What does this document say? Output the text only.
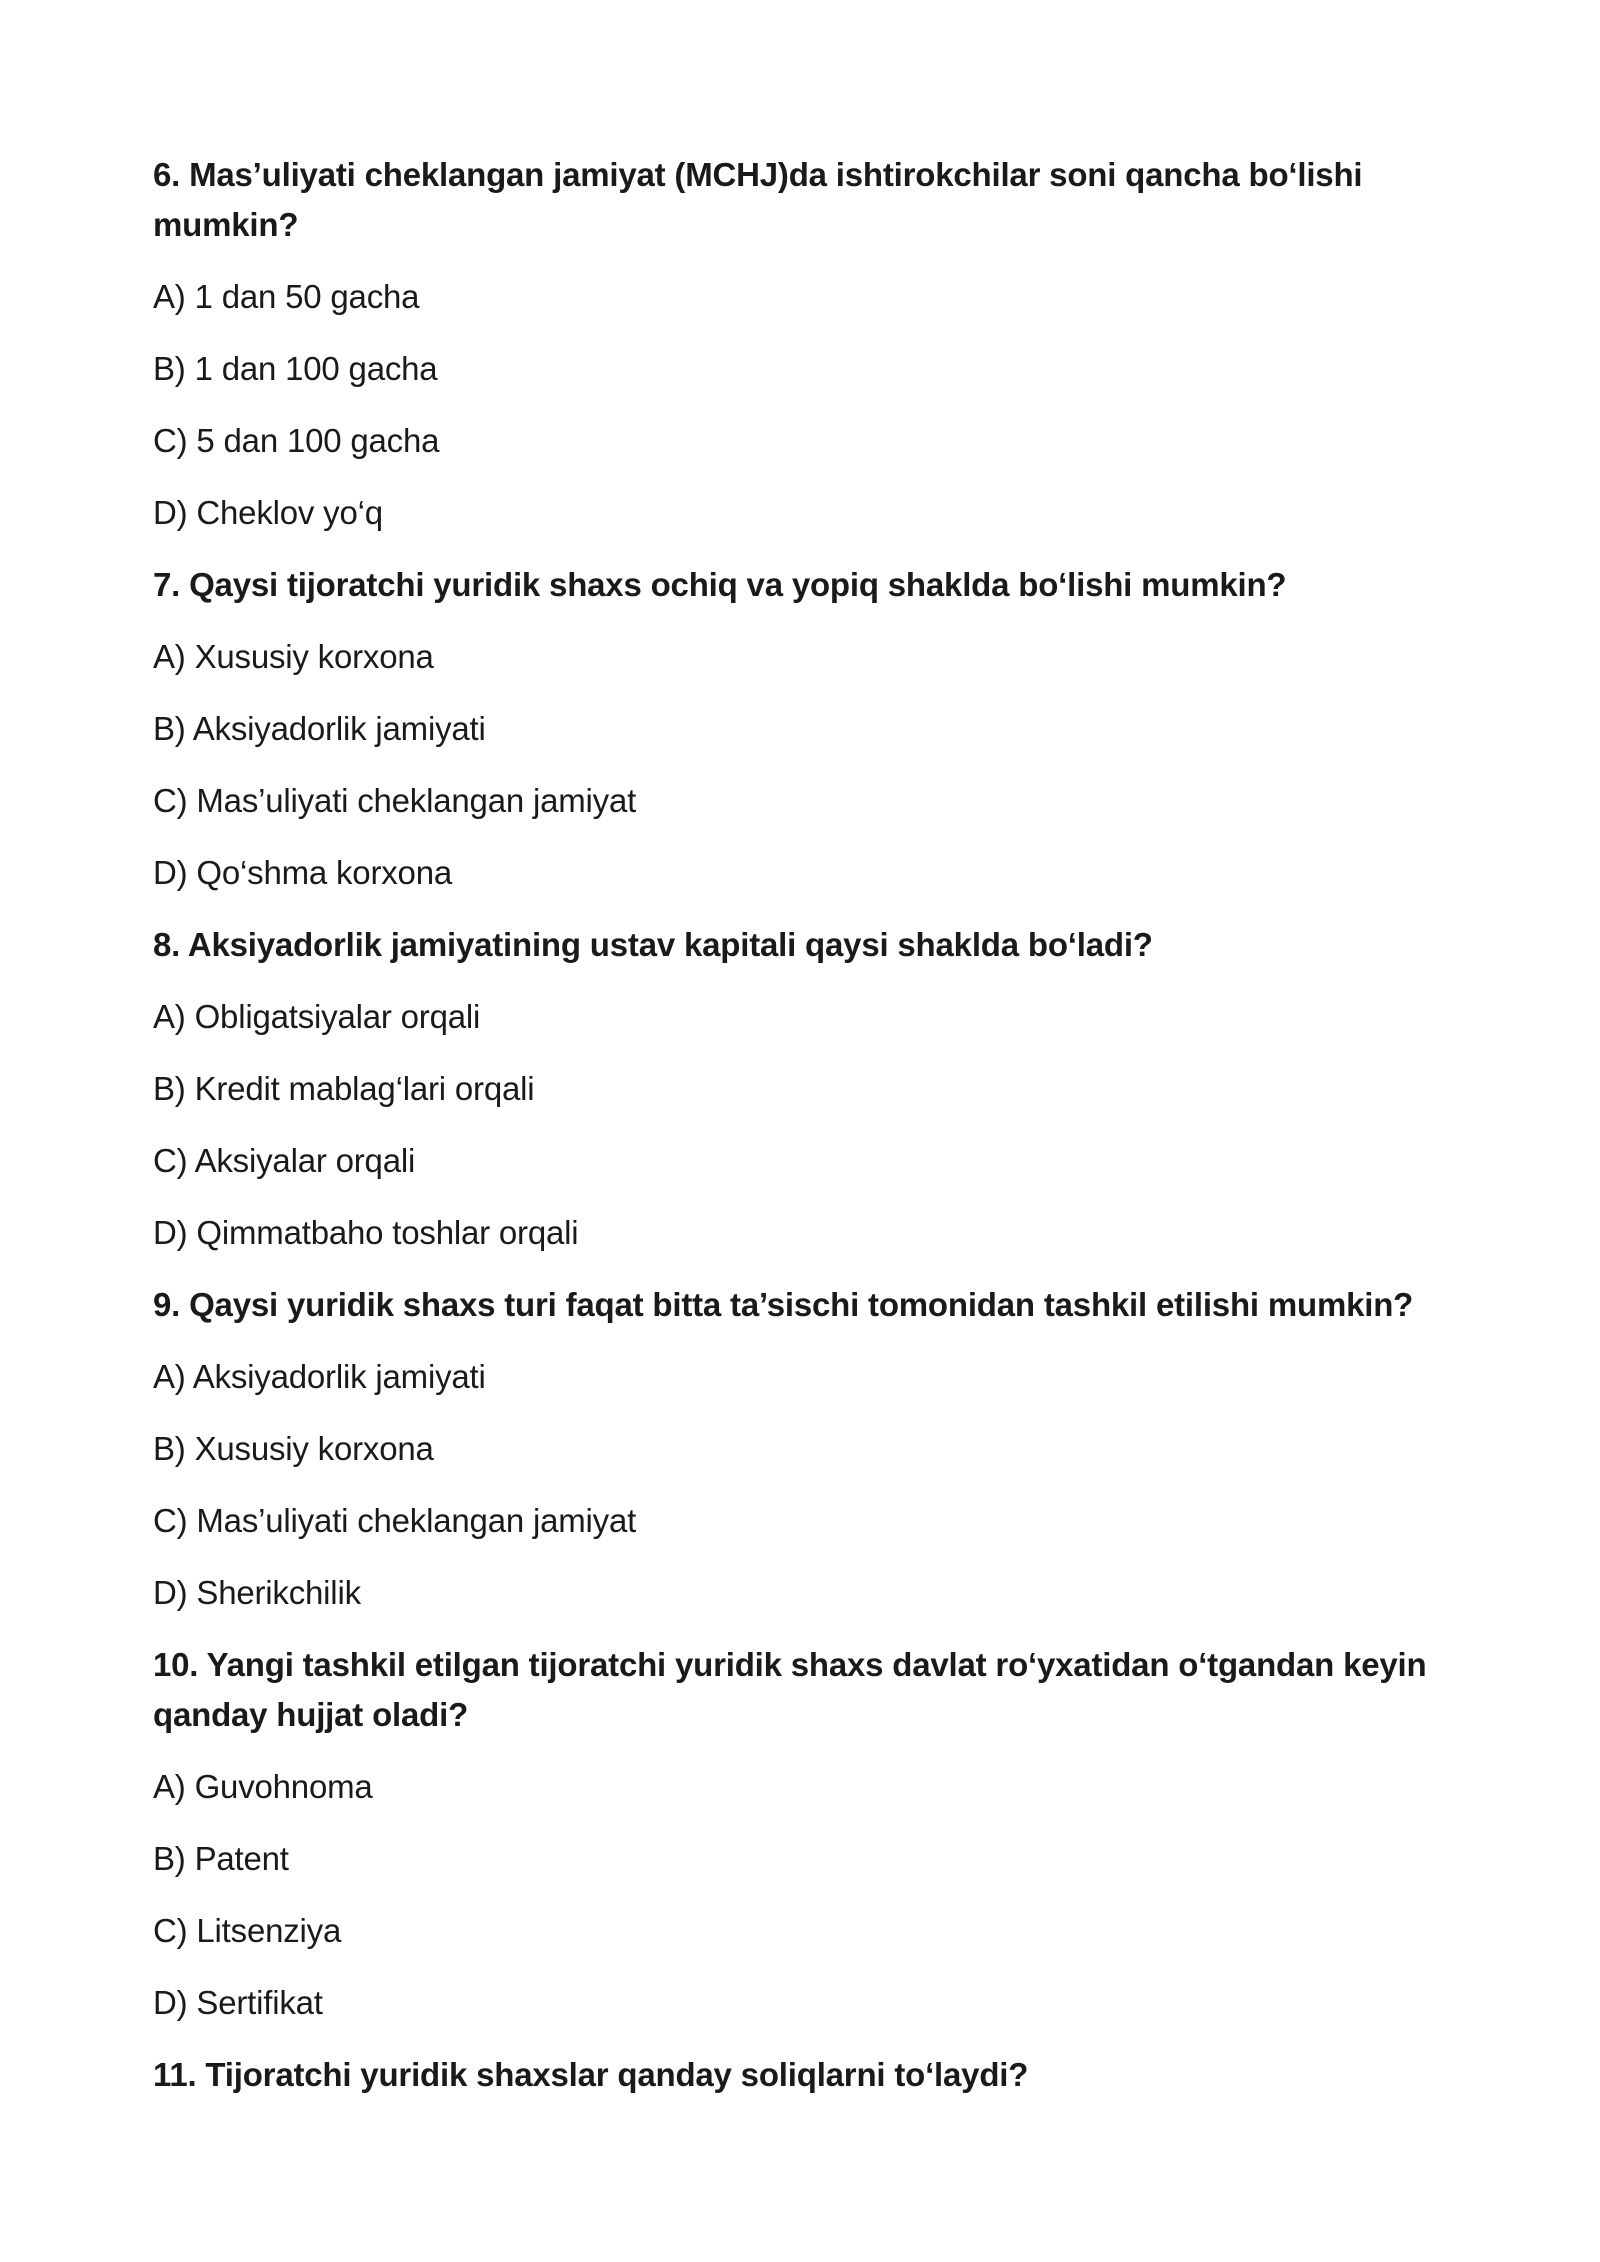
6. Mas’uliyati cheklangan jamiyat (MCHJ)da ishtirokchilar soni qancha bo‘lishi mumkin?
A) 1 dan 50 gacha
B) 1 dan 100 gacha
C) 5 dan 100 gacha
D) Cheklov yo‘q
7. Qaysi tijoratchi yuridik shaxs ochiq va yopiq shaklda bo‘lishi mumkin?
A) Xususiy korxona
B) Aksiyadorlik jamiyati
C) Mas’uliyati cheklangan jamiyat
D) Qo‘shma korxona
8. Aksiyadorlik jamiyatining ustav kapitali qaysi shaklda bo‘ladi?
A) Obligatsiyalar orqali
B) Kredit mablag‘lari orqali
C) Aksiyalar orqali
D) Qimmatbaho toshlar orqali
9. Qaysi yuridik shaxs turi faqat bitta ta’sischi tomonidan tashkil etilishi mumkin?
A) Aksiyadorlik jamiyati
B) Xususiy korxona
C) Mas’uliyati cheklangan jamiyat
D) Sherikchilik
10. Yangi tashkil etilgan tijoratchi yuridik shaxs davlat ro‘yxatidan o‘tgandan keyin qanday hujjat oladi?
A) Guvohnoma
B) Patent
C) Litsenziya
D) Sertifikat
11. Tijoratchi yuridik shaxslar qanday soliqlarni to‘laydi?
